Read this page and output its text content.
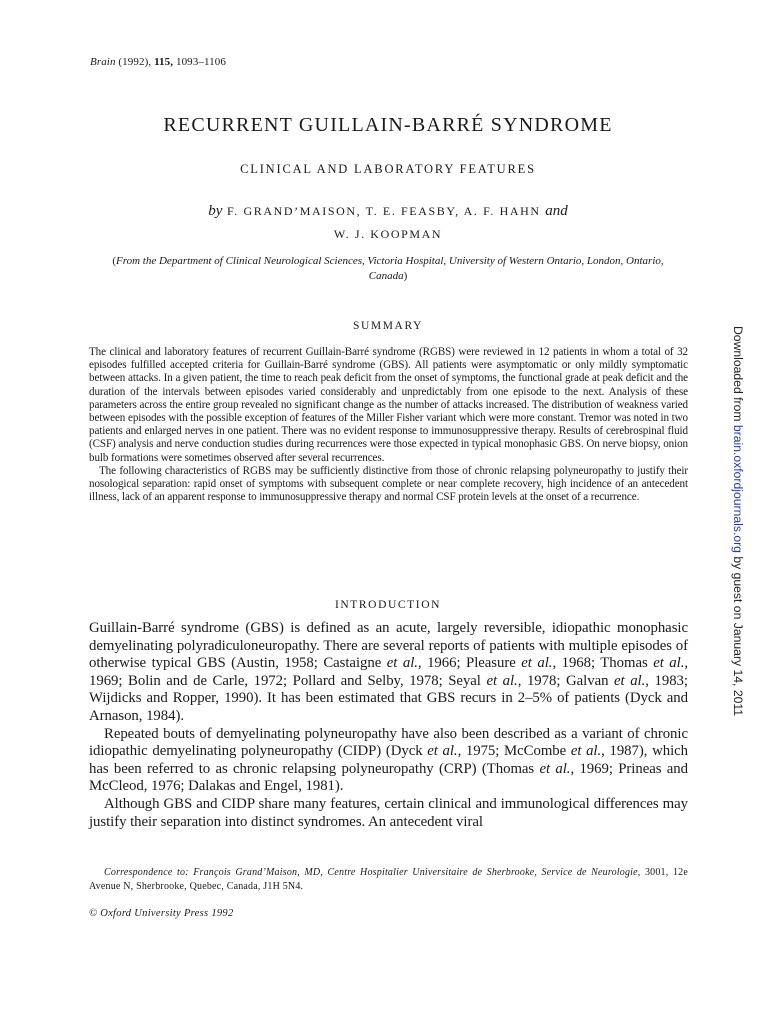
Brain (1992), 115, 1093–1106
RECURRENT GUILLAIN-BARRÉ SYNDROME
CLINICAL AND LABORATORY FEATURES
by F. GRAND’MAISON, T. E. FEASBY, A. F. HAHN and
W. J. KOOPMAN
(From the Department of Clinical Neurological Sciences, Victoria Hospital, University of Western Ontario, London, Ontario, Canada)
SUMMARY

The clinical and laboratory features of recurrent Guillain-Barré syndrome (RGBS) were reviewed in 12 patients in whom a total of 32 episodes fulfilled accepted criteria for Guillain-Barré syndrome (GBS). All patients were asymptomatic or only mildly symptomatic between attacks. In a given patient, the time to reach peak deficit from the onset of symptoms, the functional grade at peak deficit and the duration of the intervals between episodes varied considerably and unpredictably from one episode to the next. Analysis of these parameters across the entire group revealed no significant change as the number of attacks increased. The distribution of weakness varied between episodes with the possible exception of features of the Miller Fisher variant which were more constant. Tremor was noted in two patients and enlarged nerves in one patient. There was no evident response to immunosuppressive therapy. Results of cerebrospinal fluid (CSF) analysis and nerve conduction studies during recurrences were those expected in typical monophasic GBS. On nerve biopsy, onion bulb formations were sometimes observed after several recurrences.

The following characteristics of RGBS may be sufficiently distinctive from those of chronic relapsing polyneuropathy to justify their nosological separation: rapid onset of symptoms with subsequent complete or near complete recovery, high incidence of an antecedent illness, lack of an apparent response to immunosuppressive therapy and normal CSF protein levels at the onset of a recurrence.

INTRODUCTION

Guillain-Barré syndrome (GBS) is defined as an acute, largely reversible, idiopathic monophasic demyelinating polyradiculoneuropathy. There are several reports of patients with multiple episodes of otherwise typical GBS (Austin, 1958; Castaigne et al., 1966; Pleasure et al., 1968; Thomas et al., 1969; Bolin and de Carle, 1972; Pollard and Selby, 1978; Seyal et al., 1978; Galvan et al., 1983; Wijdicks and Ropper, 1990). It has been estimated that GBS recurs in 2–5% of patients (Dyck and Arnason, 1984).

Repeated bouts of demyelinating polyneuropathy have also been described as a variant of chronic idiopathic demyelinating polyneuropathy (CIDP) (Dyck et al., 1975; McCombe et al., 1987), which has been referred to as chronic relapsing polyneuropathy (CRP) (Thomas et al., 1969; Prineas and McCleod, 1976; Dalakas and Engel, 1981).

Although GBS and CIDP share many features, certain clinical and immunological differences may justify their separation into distinct syndromes. An antecedent viral

Correspondence to: François Grand’Maison, MD, Centre Hospitalier Universitaire de Sherbrooke, Service de Neurologie, 3001, 12e Avenue N, Sherbrooke, Quebec, Canada, J1H 5N4.
© Oxford University Press 1992
Downloaded from brain.oxfordjournals.org by guest on January 14, 2011
